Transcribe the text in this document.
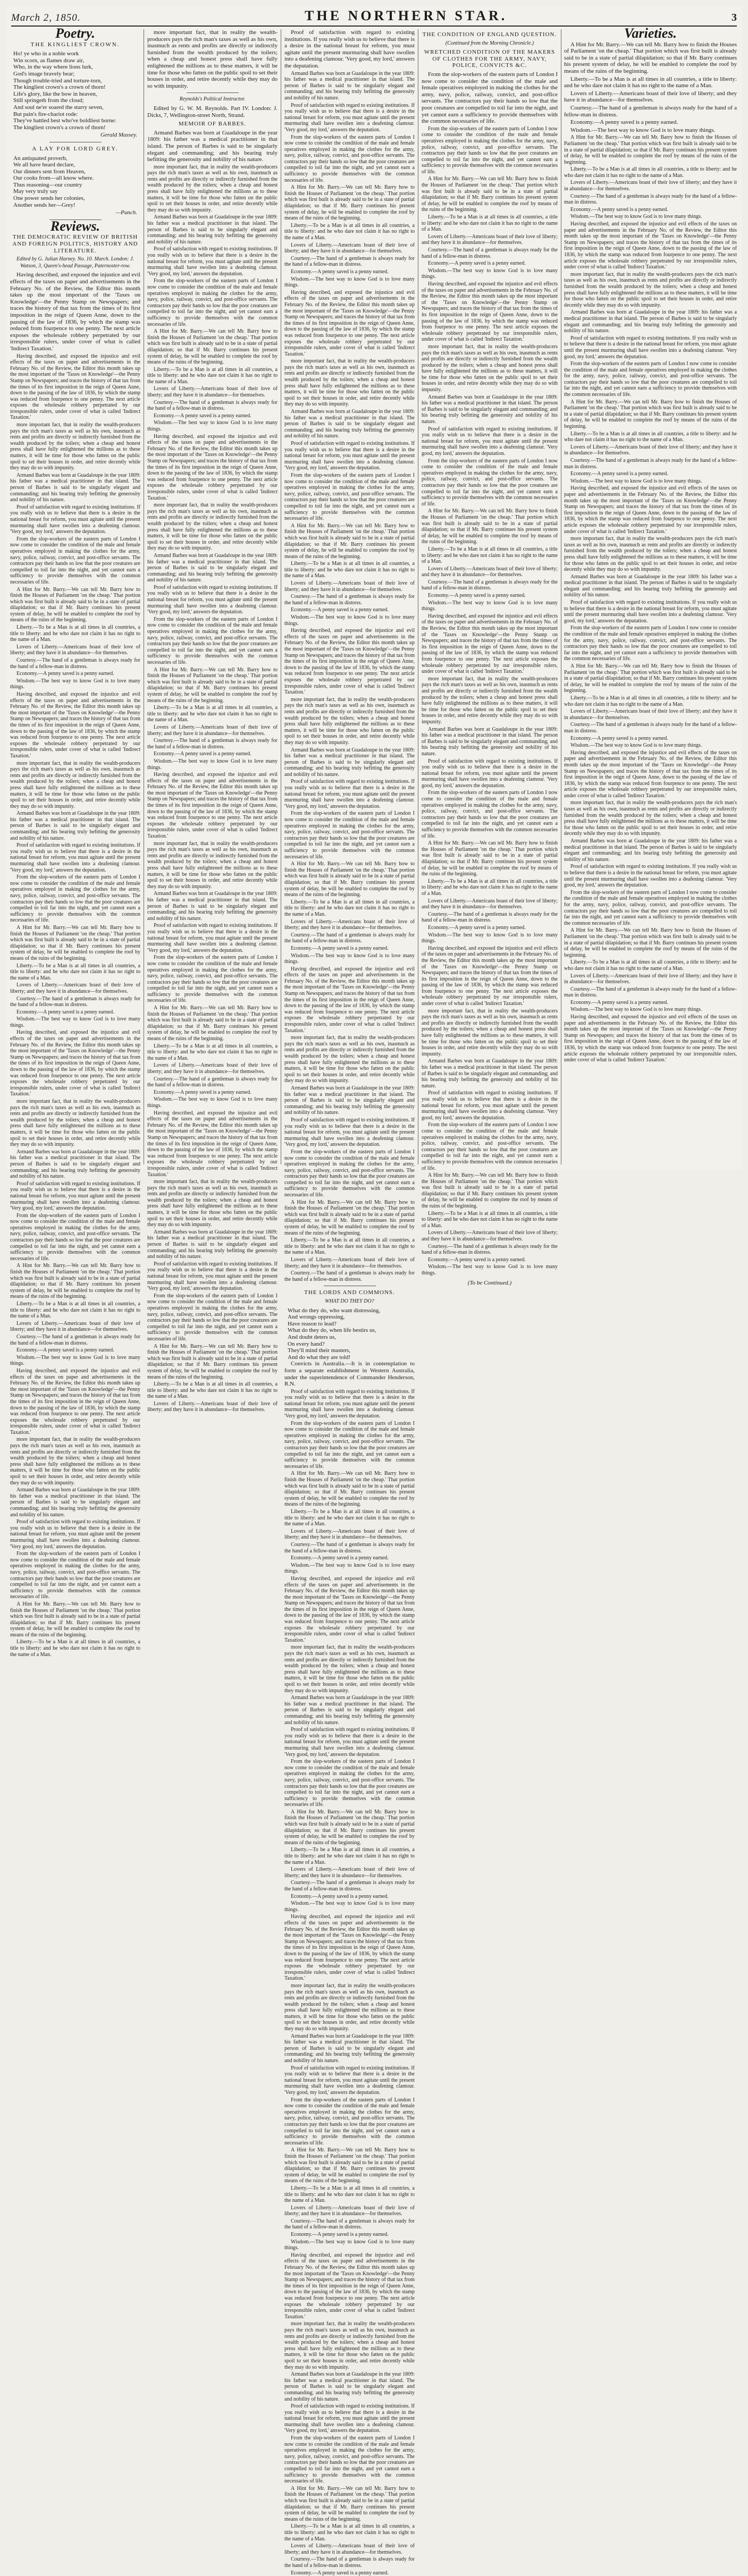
March 2, 1850.	THE NORTHERN STAR.	3
Poetry.
THE KINGLIEST CROWN.

Ho! ye who in a noble work

Win scorn, as flames draw air,

Who, in the way where lions lurk,

God's image bravely bear;

Though trouble-tried and torture-torn,

The kingliest crown's a crown of thorn!

Life's glory, like the bow in heaven,

Still springeth from the cloud;

And soul ne'er soared the starry seven,

But pain's fire-chariot rode:

They've battled best who've boldliest borne:

The kingliest crown's a crown of thorn!

Gerald Massey.

A LAY FOR LORD GREY.

An antiquated proverb,

We all have heard declare,

Our dinners sent from Heaven,

Our cooks from—all know where.

Thus reasoning—our country

May very truly say

One power sends her colonies,

Another sends her—Grey!

—Punch.

Reviews.
THE DEMOCRATIC REVIEW OF BRITISH AND FOREIGN POLITICS, HISTORY AND LITERATURE.
Edited by G. Julian Harney. No. 10. March. London: J. Watson, 3, Queen's-head Passage, Paternoster-row.

Having described, and exposed the injustice and evil effects of the taxes on paper and advertisements in the February No. of the Review, the Editor this month takes up the most important of the 'Taxes on Knowledge'—the Penny Stamp on Newspapers; and traces the history of that tax from the times of its first imposition in the reign of Queen Anne, down to the passing of the law of 1836, by which the stamp was reduced from fourpence to one penny. The next article exposes the wholesale robbery perpetrated by our irresponsible rulers, under cover of what is called 'Indirect Taxation.'

Having described, and exposed the injustice and evil effects of the taxes on paper and advertisements in the February No. of the Review, the Editor this month takes up the most important of the 'Taxes on Knowledge'—the Penny Stamp on Newspapers; and traces the history of that tax from the times of its first imposition in the reign of Queen Anne, down to the passing of the law of 1836, by which the stamp was reduced from fourpence to one penny. The next article exposes the wholesale robbery perpetrated by our irresponsible rulers, under cover of what is called 'Indirect Taxation.'

more important fact, that in reality the wealth-producers pays the rich man's taxes as well as his own, inasmuch as rents and profits are directly or indirectly furnished from the wealth produced by the toilers; when a cheap and honest press shall have fully enlightened the millions as to these matters, it will be time for those who fatten on the public spoil to set their houses in order, and retire decently while they may do so with impunity.

Armand Barbes was born at Guadaloupe in the year 1809: his father was a medical practitioner in that island. The person of Barbes is said to be singularly elegant and commanding; and his bearing truly befitting the generosity and nobility of his nature.

Proof of satisfaction with regard to existing institutions. If you really wish us to believe that there is a desire in the national breast for reform, you must agitate until the present murmuring shall have swollen into a deafening clamour. 'Very good, my lord,' answers the deputation.

From the slop-workers of the eastern parts of London I now come to consider the condition of the male and female operatives employed in making the clothes for the army, navy, police, railway, convict, and post-office servants. The contractors pay their hands so low that the poor creatures are compelled to toil far into the night, and yet cannot earn a sufficiency to provide themselves with the common necessaries of life.

A Hint for Mr. Barry.—We can tell Mr. Barry how to finish the Houses of Parliament 'on the cheap.' That portion which was first built is already said to be in a state of partial dilapidation; so that if Mr. Barry continues his present system of delay, he will be enabled to complete the roof by means of the ruins of the beginning.

Liberty.—To be a Man is at all times in all countries, a title to liberty: and he who dare not claim it has no right to the name of a Man.

Lovers of Liberty.—Americans boast of their love of liberty; and they have it in abundance—for themselves.

Courtesy.—The hand of a gentleman is always ready for the hand of a fellow-man in distress.

Economy.—A penny saved is a penny earned.

Wisdom.—The best way to know God is to love many things.

Having described, and exposed the injustice and evil effects of the taxes on paper and advertisements in the February No. of the Review, the Editor this month takes up the most important of the 'Taxes on Knowledge'—the Penny Stamp on Newspapers; and traces the history of that tax from the times of its first imposition in the reign of Queen Anne, down to the passing of the law of 1836, by which the stamp was reduced from fourpence to one penny. The next article exposes the wholesale robbery perpetrated by our irresponsible rulers, under cover of what is called 'Indirect Taxation.'

more important fact, that in reality the wealth-producers pays the rich man's taxes as well as his own, inasmuch as rents and profits are directly or indirectly furnished from the wealth produced by the toilers; when a cheap and honest press shall have fully enlightened the millions as to these matters, it will be time for those who fatten on the public spoil to set their houses in order, and retire decently while they may do so with impunity.

Armand Barbes was born at Guadaloupe in the year 1809: his father was a medical practitioner in that island. The person of Barbes is said to be singularly elegant and commanding; and his bearing truly befitting the generosity and nobility of his nature.

Proof of satisfaction with regard to existing institutions. If you really wish us to believe that there is a desire in the national breast for reform, you must agitate until the present murmuring shall have swollen into a deafening clamour. 'Very good, my lord,' answers the deputation.

From the slop-workers of the eastern parts of London I now come to consider the condition of the male and female operatives employed in making the clothes for the army, navy, police, railway, convict, and post-office servants. The contractors pay their hands so low that the poor creatures are compelled to toil far into the night, and yet cannot earn a sufficiency to provide themselves with the common necessaries of life.

A Hint for Mr. Barry.—We can tell Mr. Barry how to finish the Houses of Parliament 'on the cheap.' That portion which was first built is already said to be in a state of partial dilapidation; so that if Mr. Barry continues his present system of delay, he will be enabled to complete the roof by means of the ruins of the beginning.

Liberty.—To be a Man is at all times in all countries, a title to liberty: and he who dare not claim it has no right to the name of a Man.

Lovers of Liberty.—Americans boast of their love of liberty; and they have it in abundance—for themselves.

Courtesy.—The hand of a gentleman is always ready for the hand of a fellow-man in distress.

Economy.—A penny saved is a penny earned.

Wisdom.—The best way to know God is to love many things.

Having described, and exposed the injustice and evil effects of the taxes on paper and advertisements in the February No. of the Review, the Editor this month takes up the most important of the 'Taxes on Knowledge'—the Penny Stamp on Newspapers; and traces the history of that tax from the times of its first imposition in the reign of Queen Anne, down to the passing of the law of 1836, by which the stamp was reduced from fourpence to one penny. The next article exposes the wholesale robbery perpetrated by our irresponsible rulers, under cover of what is called 'Indirect Taxation.'

more important fact, that in reality the wealth-producers pays the rich man's taxes as well as his own, inasmuch as rents and profits are directly or indirectly furnished from the wealth produced by the toilers; when a cheap and honest press shall have fully enlightened the millions as to these matters, it will be time for those who fatten on the public spoil to set their houses in order, and retire decently while they may do so with impunity.

Armand Barbes was born at Guadaloupe in the year 1809: his father was a medical practitioner in that island. The person of Barbes is said to be singularly elegant and commanding; and his bearing truly befitting the generosity and nobility of his nature.

Proof of satisfaction with regard to existing institutions. If you really wish us to believe that there is a desire in the national breast for reform, you must agitate until the present murmuring shall have swollen into a deafening clamour. 'Very good, my lord,' answers the deputation.

From the slop-workers of the eastern parts of London I now come to consider the condition of the male and female operatives employed in making the clothes for the army, navy, police, railway, convict, and post-office servants. The contractors pay their hands so low that the poor creatures are compelled to toil far into the night, and yet cannot earn a sufficiency to provide themselves with the common necessaries of life.

A Hint for Mr. Barry.—We can tell Mr. Barry how to finish the Houses of Parliament 'on the cheap.' That portion which was first built is already said to be in a state of partial dilapidation; so that if Mr. Barry continues his present system of delay, he will be enabled to complete the roof by means of the ruins of the beginning.

Liberty.—To be a Man is at all times in all countries, a title to liberty: and he who dare not claim it has no right to the name of a Man.

Lovers of Liberty.—Americans boast of their love of liberty; and they have it in abundance—for themselves.

Courtesy.—The hand of a gentleman is always ready for the hand of a fellow-man in distress.

Economy.—A penny saved is a penny earned.

Wisdom.—The best way to know God is to love many things.

Having described, and exposed the injustice and evil effects of the taxes on paper and advertisements in the February No. of the Review, the Editor this month takes up the most important of the 'Taxes on Knowledge'—the Penny Stamp on Newspapers; and traces the history of that tax from the times of its first imposition in the reign of Queen Anne, down to the passing of the law of 1836, by which the stamp was reduced from fourpence to one penny. The next article exposes the wholesale robbery perpetrated by our irresponsible rulers, under cover of what is called 'Indirect Taxation.'

more important fact, that in reality the wealth-producers pays the rich man's taxes as well as his own, inasmuch as rents and profits are directly or indirectly furnished from the wealth produced by the toilers; when a cheap and honest press shall have fully enlightened the millions as to these matters, it will be time for those who fatten on the public spoil to set their houses in order, and retire decently while they may do so with impunity.

Armand Barbes was born at Guadaloupe in the year 1809: his father was a medical practitioner in that island. The person of Barbes is said to be singularly elegant and commanding; and his bearing truly befitting the generosity and nobility of his nature.

Proof of satisfaction with regard to existing institutions. If you really wish us to believe that there is a desire in the national breast for reform, you must agitate until the present murmuring shall have swollen into a deafening clamour. 'Very good, my lord,' answers the deputation.

From the slop-workers of the eastern parts of London I now come to consider the condition of the male and female operatives employed in making the clothes for the army, navy, police, railway, convict, and post-office servants. The contractors pay their hands so low that the poor creatures are compelled to toil far into the night, and yet cannot earn a sufficiency to provide themselves with the common necessaries of life.

A Hint for Mr. Barry.—We can tell Mr. Barry how to finish the Houses of Parliament 'on the cheap.' That portion which was first built is already said to be in a state of partial dilapidation; so that if Mr. Barry continues his present system of delay, he will be enabled to complete the roof by means of the ruins of the beginning.

Liberty.—To be a Man is at all times in all countries, a title to liberty: and he who dare not claim it has no right to the name of a Man.

more important fact, that in reality the wealth-producers pays the rich man's taxes as well as his own, inasmuch as rents and profits are directly or indirectly furnished from the wealth produced by the toilers; when a cheap and honest press shall have fully enlightened the millions as to these matters, it will be time for those who fatten on the public spoil to set their houses in order, and retire decently while they may do so with impunity.

Reynolds's Political Instructor.

Edited by G. W. M. Reynolds. Part IV. London: J. Dicks, 7, Wellington-street North, Strand.

MEMOIR OF BARBES.

Armand Barbes was born at Guadaloupe in the year 1809: his father was a medical practitioner in that island. The person of Barbes is said to be singularly elegant and commanding; and his bearing truly befitting the generosity and nobility of his nature.

more important fact, that in reality the wealth-producers pays the rich man's taxes as well as his own, inasmuch as rents and profits are directly or indirectly furnished from the wealth produced by the toilers; when a cheap and honest press shall have fully enlightened the millions as to these matters, it will be time for those who fatten on the public spoil to set their houses in order, and retire decently while they may do so with impunity.

Armand Barbes was born at Guadaloupe in the year 1809: his father was a medical practitioner in that island. The person of Barbes is said to be singularly elegant and commanding; and his bearing truly befitting the generosity and nobility of his nature.

Proof of satisfaction with regard to existing institutions. If you really wish us to believe that there is a desire in the national breast for reform, you must agitate until the present murmuring shall have swollen into a deafening clamour. 'Very good, my lord,' answers the deputation.

From the slop-workers of the eastern parts of London I now come to consider the condition of the male and female operatives employed in making the clothes for the army, navy, police, railway, convict, and post-office servants. The contractors pay their hands so low that the poor creatures are compelled to toil far into the night, and yet cannot earn a sufficiency to provide themselves with the common necessaries of life.

A Hint for Mr. Barry.—We can tell Mr. Barry how to finish the Houses of Parliament 'on the cheap.' That portion which was first built is already said to be in a state of partial dilapidation; so that if Mr. Barry continues his present system of delay, he will be enabled to complete the roof by means of the ruins of the beginning.

Liberty.—To be a Man is at all times in all countries, a title to liberty: and he who dare not claim it has no right to the name of a Man.

Lovers of Liberty.—Americans boast of their love of liberty; and they have it in abundance—for themselves.

Courtesy.—The hand of a gentleman is always ready for the hand of a fellow-man in distress.

Economy.—A penny saved is a penny earned.

Wisdom.—The best way to know God is to love many things.

Having described, and exposed the injustice and evil effects of the taxes on paper and advertisements in the February No. of the Review, the Editor this month takes up the most important of the 'Taxes on Knowledge'—the Penny Stamp on Newspapers; and traces the history of that tax from the times of its first imposition in the reign of Queen Anne, down to the passing of the law of 1836, by which the stamp was reduced from fourpence to one penny. The next article exposes the wholesale robbery perpetrated by our irresponsible rulers, under cover of what is called 'Indirect Taxation.'

more important fact, that in reality the wealth-producers pays the rich man's taxes as well as his own, inasmuch as rents and profits are directly or indirectly furnished from the wealth produced by the toilers; when a cheap and honest press shall have fully enlightened the millions as to these matters, it will be time for those who fatten on the public spoil to set their houses in order, and retire decently while they may do so with impunity.

Armand Barbes was born at Guadaloupe in the year 1809: his father was a medical practitioner in that island. The person of Barbes is said to be singularly elegant and commanding; and his bearing truly befitting the generosity and nobility of his nature.

Proof of satisfaction with regard to existing institutions. If you really wish us to believe that there is a desire in the national breast for reform, you must agitate until the present murmuring shall have swollen into a deafening clamour. 'Very good, my lord,' answers the deputation.

From the slop-workers of the eastern parts of London I now come to consider the condition of the male and female operatives employed in making the clothes for the army, navy, police, railway, convict, and post-office servants. The contractors pay their hands so low that the poor creatures are compelled to toil far into the night, and yet cannot earn a sufficiency to provide themselves with the common necessaries of life.

A Hint for Mr. Barry.—We can tell Mr. Barry how to finish the Houses of Parliament 'on the cheap.' That portion which was first built is already said to be in a state of partial dilapidation; so that if Mr. Barry continues his present system of delay, he will be enabled to complete the roof by means of the ruins of the beginning.

Liberty.—To be a Man is at all times in all countries, a title to liberty: and he who dare not claim it has no right to the name of a Man.

Lovers of Liberty.—Americans boast of their love of liberty; and they have it in abundance—for themselves.

Courtesy.—The hand of a gentleman is always ready for the hand of a fellow-man in distress.

Economy.—A penny saved is a penny earned.

Wisdom.—The best way to know God is to love many things.

Having described, and exposed the injustice and evil effects of the taxes on paper and advertisements in the February No. of the Review, the Editor this month takes up the most important of the 'Taxes on Knowledge'—the Penny Stamp on Newspapers; and traces the history of that tax from the times of its first imposition in the reign of Queen Anne, down to the passing of the law of 1836, by which the stamp was reduced from fourpence to one penny. The next article exposes the wholesale robbery perpetrated by our irresponsible rulers, under cover of what is called 'Indirect Taxation.'

more important fact, that in reality the wealth-producers pays the rich man's taxes as well as his own, inasmuch as rents and profits are directly or indirectly furnished from the wealth produced by the toilers; when a cheap and honest press shall have fully enlightened the millions as to these matters, it will be time for those who fatten on the public spoil to set their houses in order, and retire decently while they may do so with impunity.

Armand Barbes was born at Guadaloupe in the year 1809: his father was a medical practitioner in that island. The person of Barbes is said to be singularly elegant and commanding; and his bearing truly befitting the generosity and nobility of his nature.

Proof of satisfaction with regard to existing institutions. If you really wish us to believe that there is a desire in the national breast for reform, you must agitate until the present murmuring shall have swollen into a deafening clamour. 'Very good, my lord,' answers the deputation.

From the slop-workers of the eastern parts of London I now come to consider the condition of the male and female operatives employed in making the clothes for the army, navy, police, railway, convict, and post-office servants. The contractors pay their hands so low that the poor creatures are compelled to toil far into the night, and yet cannot earn a sufficiency to provide themselves with the common necessaries of life.

A Hint for Mr. Barry.—We can tell Mr. Barry how to finish the Houses of Parliament 'on the cheap.' That portion which was first built is already said to be in a state of partial dilapidation; so that if Mr. Barry continues his present system of delay, he will be enabled to complete the roof by means of the ruins of the beginning.

Liberty.—To be a Man is at all times in all countries, a title to liberty: and he who dare not claim it has no right to the name of a Man.

Lovers of Liberty.—Americans boast of their love of liberty; and they have it in abundance—for themselves.

Courtesy.—The hand of a gentleman is always ready for the hand of a fellow-man in distress.

Economy.—A penny saved is a penny earned.

Wisdom.—The best way to know God is to love many things.

Having described, and exposed the injustice and evil effects of the taxes on paper and advertisements in the February No. of the Review, the Editor this month takes up the most important of the 'Taxes on Knowledge'—the Penny Stamp on Newspapers; and traces the history of that tax from the times of its first imposition in the reign of Queen Anne, down to the passing of the law of 1836, by which the stamp was reduced from fourpence to one penny. The next article exposes the wholesale robbery perpetrated by our irresponsible rulers, under cover of what is called 'Indirect Taxation.'

more important fact, that in reality the wealth-producers pays the rich man's taxes as well as his own, inasmuch as rents and profits are directly or indirectly furnished from the wealth produced by the toilers; when a cheap and honest press shall have fully enlightened the millions as to these matters, it will be time for those who fatten on the public spoil to set their houses in order, and retire decently while they may do so with impunity.

Armand Barbes was born at Guadaloupe in the year 1809: his father was a medical practitioner in that island. The person of Barbes is said to be singularly elegant and commanding; and his bearing truly befitting the generosity and nobility of his nature.

Proof of satisfaction with regard to existing institutions. If you really wish us to believe that there is a desire in the national breast for reform, you must agitate until the present murmuring shall have swollen into a deafening clamour. 'Very good, my lord,' answers the deputation.

From the slop-workers of the eastern parts of London I now come to consider the condition of the male and female operatives employed in making the clothes for the army, navy, police, railway, convict, and post-office servants. The contractors pay their hands so low that the poor creatures are compelled to toil far into the night, and yet cannot earn a sufficiency to provide themselves with the common necessaries of life.

A Hint for Mr. Barry.—We can tell Mr. Barry how to finish the Houses of Parliament 'on the cheap.' That portion which was first built is already said to be in a state of partial dilapidation; so that if Mr. Barry continues his present system of delay, he will be enabled to complete the roof by means of the ruins of the beginning.

Liberty.—To be a Man is at all times in all countries, a title to liberty: and he who dare not claim it has no right to the name of a Man.

Lovers of Liberty.—Americans boast of their love of liberty; and they have it in abundance—for themselves.

Proof of satisfaction with regard to existing institutions. If you really wish us to believe that there is a desire in the national breast for reform, you must agitate until the present murmuring shall have swollen into a deafening clamour. 'Very good, my lord,' answers the deputation.

Armand Barbes was born at Guadaloupe in the year 1809: his father was a medical practitioner in that island. The person of Barbes is said to be singularly elegant and commanding; and his bearing truly befitting the generosity and nobility of his nature.

Proof of satisfaction with regard to existing institutions. If you really wish us to believe that there is a desire in the national breast for reform, you must agitate until the present murmuring shall have swollen into a deafening clamour. 'Very good, my lord,' answers the deputation.

From the slop-workers of the eastern parts of London I now come to consider the condition of the male and female operatives employed in making the clothes for the army, navy, police, railway, convict, and post-office servants. The contractors pay their hands so low that the poor creatures are compelled to toil far into the night, and yet cannot earn a sufficiency to provide themselves with the common necessaries of life.

A Hint for Mr. Barry.—We can tell Mr. Barry how to finish the Houses of Parliament 'on the cheap.' That portion which was first built is already said to be in a state of partial dilapidation; so that if Mr. Barry continues his present system of delay, he will be enabled to complete the roof by means of the ruins of the beginning.

Liberty.—To be a Man is at all times in all countries, a title to liberty: and he who dare not claim it has no right to the name of a Man.

Lovers of Liberty.—Americans boast of their love of liberty; and they have it in abundance—for themselves.

Courtesy.—The hand of a gentleman is always ready for the hand of a fellow-man in distress.

Economy.—A penny saved is a penny earned.

Wisdom.—The best way to know God is to love many things.

Having described, and exposed the injustice and evil effects of the taxes on paper and advertisements in the February No. of the Review, the Editor this month takes up the most important of the 'Taxes on Knowledge'—the Penny Stamp on Newspapers; and traces the history of that tax from the times of its first imposition in the reign of Queen Anne, down to the passing of the law of 1836, by which the stamp was reduced from fourpence to one penny. The next article exposes the wholesale robbery perpetrated by our irresponsible rulers, under cover of what is called 'Indirect Taxation.'

more important fact, that in reality the wealth-producers pays the rich man's taxes as well as his own, inasmuch as rents and profits are directly or indirectly furnished from the wealth produced by the toilers; when a cheap and honest press shall have fully enlightened the millions as to these matters, it will be time for those who fatten on the public spoil to set their houses in order, and retire decently while they may do so with impunity.

Armand Barbes was born at Guadaloupe in the year 1809: his father was a medical practitioner in that island. The person of Barbes is said to be singularly elegant and commanding; and his bearing truly befitting the generosity and nobility of his nature.

Proof of satisfaction with regard to existing institutions. If you really wish us to believe that there is a desire in the national breast for reform, you must agitate until the present murmuring shall have swollen into a deafening clamour. 'Very good, my lord,' answers the deputation.

From the slop-workers of the eastern parts of London I now come to consider the condition of the male and female operatives employed in making the clothes for the army, navy, police, railway, convict, and post-office servants. The contractors pay their hands so low that the poor creatures are compelled to toil far into the night, and yet cannot earn a sufficiency to provide themselves with the common necessaries of life.

A Hint for Mr. Barry.—We can tell Mr. Barry how to finish the Houses of Parliament 'on the cheap.' That portion which was first built is already said to be in a state of partial dilapidation; so that if Mr. Barry continues his present system of delay, he will be enabled to complete the roof by means of the ruins of the beginning.

Liberty.—To be a Man is at all times in all countries, a title to liberty: and he who dare not claim it has no right to the name of a Man.

Lovers of Liberty.—Americans boast of their love of liberty; and they have it in abundance—for themselves.

Courtesy.—The hand of a gentleman is always ready for the hand of a fellow-man in distress.

Economy.—A penny saved is a penny earned.

Wisdom.—The best way to know God is to love many things.

Having described, and exposed the injustice and evil effects of the taxes on paper and advertisements in the February No. of the Review, the Editor this month takes up the most important of the 'Taxes on Knowledge'—the Penny Stamp on Newspapers; and traces the history of that tax from the times of its first imposition in the reign of Queen Anne, down to the passing of the law of 1836, by which the stamp was reduced from fourpence to one penny. The next article exposes the wholesale robbery perpetrated by our irresponsible rulers, under cover of what is called 'Indirect Taxation.'

more important fact, that in reality the wealth-producers pays the rich man's taxes as well as his own, inasmuch as rents and profits are directly or indirectly furnished from the wealth produced by the toilers; when a cheap and honest press shall have fully enlightened the millions as to these matters, it will be time for those who fatten on the public spoil to set their houses in order, and retire decently while they may do so with impunity.

Armand Barbes was born at Guadaloupe in the year 1809: his father was a medical practitioner in that island. The person of Barbes is said to be singularly elegant and commanding; and his bearing truly befitting the generosity and nobility of his nature.

Proof of satisfaction with regard to existing institutions. If you really wish us to believe that there is a desire in the national breast for reform, you must agitate until the present murmuring shall have swollen into a deafening clamour. 'Very good, my lord,' answers the deputation.

From the slop-workers of the eastern parts of London I now come to consider the condition of the male and female operatives employed in making the clothes for the army, navy, police, railway, convict, and post-office servants. The contractors pay their hands so low that the poor creatures are compelled to toil far into the night, and yet cannot earn a sufficiency to provide themselves with the common necessaries of life.

A Hint for Mr. Barry.—We can tell Mr. Barry how to finish the Houses of Parliament 'on the cheap.' That portion which was first built is already said to be in a state of partial dilapidation; so that if Mr. Barry continues his present system of delay, he will be enabled to complete the roof by means of the ruins of the beginning.

Liberty.—To be a Man is at all times in all countries, a title to liberty: and he who dare not claim it has no right to the name of a Man.

Lovers of Liberty.—Americans boast of their love of liberty; and they have it in abundance—for themselves.

Courtesy.—The hand of a gentleman is always ready for the hand of a fellow-man in distress.

Economy.—A penny saved is a penny earned.

Wisdom.—The best way to know God is to love many things.

Having described, and exposed the injustice and evil effects of the taxes on paper and advertisements in the February No. of the Review, the Editor this month takes up the most important of the 'Taxes on Knowledge'—the Penny Stamp on Newspapers; and traces the history of that tax from the times of its first imposition in the reign of Queen Anne, down to the passing of the law of 1836, by which the stamp was reduced from fourpence to one penny. The next article exposes the wholesale robbery perpetrated by our irresponsible rulers, under cover of what is called 'Indirect Taxation.'

more important fact, that in reality the wealth-producers pays the rich man's taxes as well as his own, inasmuch as rents and profits are directly or indirectly furnished from the wealth produced by the toilers; when a cheap and honest press shall have fully enlightened the millions as to these matters, it will be time for those who fatten on the public spoil to set their houses in order, and retire decently while they may do so with impunity.

Armand Barbes was born at Guadaloupe in the year 1809: his father was a medical practitioner in that island. The person of Barbes is said to be singularly elegant and commanding; and his bearing truly befitting the generosity and nobility of his nature.

Proof of satisfaction with regard to existing institutions. If you really wish us to believe that there is a desire in the national breast for reform, you must agitate until the present murmuring shall have swollen into a deafening clamour. 'Very good, my lord,' answers the deputation.

From the slop-workers of the eastern parts of London I now come to consider the condition of the male and female operatives employed in making the clothes for the army, navy, police, railway, convict, and post-office servants. The contractors pay their hands so low that the poor creatures are compelled to toil far into the night, and yet cannot earn a sufficiency to provide themselves with the common necessaries of life.

A Hint for Mr. Barry.—We can tell Mr. Barry how to finish the Houses of Parliament 'on the cheap.' That portion which was first built is already said to be in a state of partial dilapidation; so that if Mr. Barry continues his present system of delay, he will be enabled to complete the roof by means of the ruins of the beginning.

Liberty.—To be a Man is at all times in all countries, a title to liberty: and he who dare not claim it has no right to the name of a Man.

Lovers of Liberty.—Americans boast of their love of liberty; and they have it in abundance—for themselves.

Courtesy.—The hand of a gentleman is always ready for the hand of a fellow-man in distress.

THE LORDS AND COMMONS.
WHAT DO THEY DO?

What do they do, who want distressing,

And wrongs oppressing,

Have reason to lead?

What do they do, when life bestirs us,

And doubt deters us,

On every hand?

They'll mind their masters,

And do what they are told!

Convicts in Australia.—It is in contemplation to form a separate establishment in Western Australia, under the superintendence of Commander Henderson, R.N.

Proof of satisfaction with regard to existing institutions. If you really wish us to believe that there is a desire in the national breast for reform, you must agitate until the present murmuring shall have swollen into a deafening clamour. 'Very good, my lord,' answers the deputation.

From the slop-workers of the eastern parts of London I now come to consider the condition of the male and female operatives employed in making the clothes for the army, navy, police, railway, convict, and post-office servants. The contractors pay their hands so low that the poor creatures are compelled to toil far into the night, and yet cannot earn a sufficiency to provide themselves with the common necessaries of life.

A Hint for Mr. Barry.—We can tell Mr. Barry how to finish the Houses of Parliament 'on the cheap.' That portion which was first built is already said to be in a state of partial dilapidation; so that if Mr. Barry continues his present system of delay, he will be enabled to complete the roof by means of the ruins of the beginning.

Liberty.—To be a Man is at all times in all countries, a title to liberty: and he who dare not claim it has no right to the name of a Man.

Lovers of Liberty.—Americans boast of their love of liberty; and they have it in abundance—for themselves.

Courtesy.—The hand of a gentleman is always ready for the hand of a fellow-man in distress.

Economy.—A penny saved is a penny earned.

Wisdom.—The best way to know God is to love many things.

Having described, and exposed the injustice and evil effects of the taxes on paper and advertisements in the February No. of the Review, the Editor this month takes up the most important of the 'Taxes on Knowledge'—the Penny Stamp on Newspapers; and traces the history of that tax from the times of its first imposition in the reign of Queen Anne, down to the passing of the law of 1836, by which the stamp was reduced from fourpence to one penny. The next article exposes the wholesale robbery perpetrated by our irresponsible rulers, under cover of what is called 'Indirect Taxation.'

more important fact, that in reality the wealth-producers pays the rich man's taxes as well as his own, inasmuch as rents and profits are directly or indirectly furnished from the wealth produced by the toilers; when a cheap and honest press shall have fully enlightened the millions as to these matters, it will be time for those who fatten on the public spoil to set their houses in order, and retire decently while they may do so with impunity.

Armand Barbes was born at Guadaloupe in the year 1809: his father was a medical practitioner in that island. The person of Barbes is said to be singularly elegant and commanding; and his bearing truly befitting the generosity and nobility of his nature.

Proof of satisfaction with regard to existing institutions. If you really wish us to believe that there is a desire in the national breast for reform, you must agitate until the present murmuring shall have swollen into a deafening clamour. 'Very good, my lord,' answers the deputation.

From the slop-workers of the eastern parts of London I now come to consider the condition of the male and female operatives employed in making the clothes for the army, navy, police, railway, convict, and post-office servants. The contractors pay their hands so low that the poor creatures are compelled to toil far into the night, and yet cannot earn a sufficiency to provide themselves with the common necessaries of life.

A Hint for Mr. Barry.—We can tell Mr. Barry how to finish the Houses of Parliament 'on the cheap.' That portion which was first built is already said to be in a state of partial dilapidation; so that if Mr. Barry continues his present system of delay, he will be enabled to complete the roof by means of the ruins of the beginning.

Liberty.—To be a Man is at all times in all countries, a title to liberty: and he who dare not claim it has no right to the name of a Man.

Lovers of Liberty.—Americans boast of their love of liberty; and they have it in abundance—for themselves.

Courtesy.—The hand of a gentleman is always ready for the hand of a fellow-man in distress.

Economy.—A penny saved is a penny earned.

Wisdom.—The best way to know God is to love many things.

Having described, and exposed the injustice and evil effects of the taxes on paper and advertisements in the February No. of the Review, the Editor this month takes up the most important of the 'Taxes on Knowledge'—the Penny Stamp on Newspapers; and traces the history of that tax from the times of its first imposition in the reign of Queen Anne, down to the passing of the law of 1836, by which the stamp was reduced from fourpence to one penny. The next article exposes the wholesale robbery perpetrated by our irresponsible rulers, under cover of what is called 'Indirect Taxation.'

more important fact, that in reality the wealth-producers pays the rich man's taxes as well as his own, inasmuch as rents and profits are directly or indirectly furnished from the wealth produced by the toilers; when a cheap and honest press shall have fully enlightened the millions as to these matters, it will be time for those who fatten on the public spoil to set their houses in order, and retire decently while they may do so with impunity.

Armand Barbes was born at Guadaloupe in the year 1809: his father was a medical practitioner in that island. The person of Barbes is said to be singularly elegant and commanding; and his bearing truly befitting the generosity and nobility of his nature.

Proof of satisfaction with regard to existing institutions. If you really wish us to believe that there is a desire in the national breast for reform, you must agitate until the present murmuring shall have swollen into a deafening clamour. 'Very good, my lord,' answers the deputation.

From the slop-workers of the eastern parts of London I now come to consider the condition of the male and female operatives employed in making the clothes for the army, navy, police, railway, convict, and post-office servants. The contractors pay their hands so low that the poor creatures are compelled to toil far into the night, and yet cannot earn a sufficiency to provide themselves with the common necessaries of life.

A Hint for Mr. Barry.—We can tell Mr. Barry how to finish the Houses of Parliament 'on the cheap.' That portion which was first built is already said to be in a state of partial dilapidation; so that if Mr. Barry continues his present system of delay, he will be enabled to complete the roof by means of the ruins of the beginning.

Liberty.—To be a Man is at all times in all countries, a title to liberty: and he who dare not claim it has no right to the name of a Man.

Lovers of Liberty.—Americans boast of their love of liberty; and they have it in abundance—for themselves.

Courtesy.—The hand of a gentleman is always ready for the hand of a fellow-man in distress.

Economy.—A penny saved is a penny earned.

Wisdom.—The best way to know God is to love many things.

Having described, and exposed the injustice and evil effects of the taxes on paper and advertisements in the February No. of the Review, the Editor this month takes up the most important of the 'Taxes on Knowledge'—the Penny Stamp on Newspapers; and traces the history of that tax from the times of its first imposition in the reign of Queen Anne, down to the passing of the law of 1836, by which the stamp was reduced from fourpence to one penny. The next article exposes the wholesale robbery perpetrated by our irresponsible rulers, under cover of what is called 'Indirect Taxation.'

more important fact, that in reality the wealth-producers pays the rich man's taxes as well as his own, inasmuch as rents and profits are directly or indirectly furnished from the wealth produced by the toilers; when a cheap and honest press shall have fully enlightened the millions as to these matters, it will be time for those who fatten on the public spoil to set their houses in order, and retire decently while they may do so with impunity.

Armand Barbes was born at Guadaloupe in the year 1809: his father was a medical practitioner in that island. The person of Barbes is said to be singularly elegant and commanding; and his bearing truly befitting the generosity and nobility of his nature.

Proof of satisfaction with regard to existing institutions. If you really wish us to believe that there is a desire in the national breast for reform, you must agitate until the present murmuring shall have swollen into a deafening clamour. 'Very good, my lord,' answers the deputation.

From the slop-workers of the eastern parts of London I now come to consider the condition of the male and female operatives employed in making the clothes for the army, navy, police, railway, convict, and post-office servants. The contractors pay their hands so low that the poor creatures are compelled to toil far into the night, and yet cannot earn a sufficiency to provide themselves with the common necessaries of life.

A Hint for Mr. Barry.—We can tell Mr. Barry how to finish the Houses of Parliament 'on the cheap.' That portion which was first built is already said to be in a state of partial dilapidation; so that if Mr. Barry continues his present system of delay, he will be enabled to complete the roof by means of the ruins of the beginning.

Liberty.—To be a Man is at all times in all countries, a title to liberty: and he who dare not claim it has no right to the name of a Man.

Lovers of Liberty.—Americans boast of their love of liberty; and they have it in abundance—for themselves.

Courtesy.—The hand of a gentleman is always ready for the hand of a fellow-man in distress.

Economy.—A penny saved is a penny earned.

THE CONDITION OF ENGLAND QUESTION.
(Continued from the Morning Chronicle.)
WRETCHED CONDITION OF THE MAKERS OF CLOTHES FOR THE ARMY, NAVY, POLICE, CONVICTS &C.

From the slop-workers of the eastern parts of London I now come to consider the condition of the male and female operatives employed in making the clothes for the army, navy, police, railway, convict, and post-office servants. The contractors pay their hands so low that the poor creatures are compelled to toil far into the night, and yet cannot earn a sufficiency to provide themselves with the common necessaries of life.

From the slop-workers of the eastern parts of London I now come to consider the condition of the male and female operatives employed in making the clothes for the army, navy, police, railway, convict, and post-office servants. The contractors pay their hands so low that the poor creatures are compelled to toil far into the night, and yet cannot earn a sufficiency to provide themselves with the common necessaries of life.

A Hint for Mr. Barry.—We can tell Mr. Barry how to finish the Houses of Parliament 'on the cheap.' That portion which was first built is already said to be in a state of partial dilapidation; so that if Mr. Barry continues his present system of delay, he will be enabled to complete the roof by means of the ruins of the beginning.

Liberty.—To be a Man is at all times in all countries, a title to liberty: and he who dare not claim it has no right to the name of a Man.

Lovers of Liberty.—Americans boast of their love of liberty; and they have it in abundance—for themselves.

Courtesy.—The hand of a gentleman is always ready for the hand of a fellow-man in distress.

Economy.—A penny saved is a penny earned.

Wisdom.—The best way to know God is to love many things.

Having described, and exposed the injustice and evil effects of the taxes on paper and advertisements in the February No. of the Review, the Editor this month takes up the most important of the 'Taxes on Knowledge'—the Penny Stamp on Newspapers; and traces the history of that tax from the times of its first imposition in the reign of Queen Anne, down to the passing of the law of 1836, by which the stamp was reduced from fourpence to one penny. The next article exposes the wholesale robbery perpetrated by our irresponsible rulers, under cover of what is called 'Indirect Taxation.'

more important fact, that in reality the wealth-producers pays the rich man's taxes as well as his own, inasmuch as rents and profits are directly or indirectly furnished from the wealth produced by the toilers; when a cheap and honest press shall have fully enlightened the millions as to these matters, it will be time for those who fatten on the public spoil to set their houses in order, and retire decently while they may do so with impunity.

Armand Barbes was born at Guadaloupe in the year 1809: his father was a medical practitioner in that island. The person of Barbes is said to be singularly elegant and commanding; and his bearing truly befitting the generosity and nobility of his nature.

Proof of satisfaction with regard to existing institutions. If you really wish us to believe that there is a desire in the national breast for reform, you must agitate until the present murmuring shall have swollen into a deafening clamour. 'Very good, my lord,' answers the deputation.

From the slop-workers of the eastern parts of London I now come to consider the condition of the male and female operatives employed in making the clothes for the army, navy, police, railway, convict, and post-office servants. The contractors pay their hands so low that the poor creatures are compelled to toil far into the night, and yet cannot earn a sufficiency to provide themselves with the common necessaries of life.

A Hint for Mr. Barry.—We can tell Mr. Barry how to finish the Houses of Parliament 'on the cheap.' That portion which was first built is already said to be in a state of partial dilapidation; so that if Mr. Barry continues his present system of delay, he will be enabled to complete the roof by means of the ruins of the beginning.

Liberty.—To be a Man is at all times in all countries, a title to liberty: and he who dare not claim it has no right to the name of a Man.

Lovers of Liberty.—Americans boast of their love of liberty; and they have it in abundance—for themselves.

Courtesy.—The hand of a gentleman is always ready for the hand of a fellow-man in distress.

Economy.—A penny saved is a penny earned.

Wisdom.—The best way to know God is to love many things.

Having described, and exposed the injustice and evil effects of the taxes on paper and advertisements in the February No. of the Review, the Editor this month takes up the most important of the 'Taxes on Knowledge'—the Penny Stamp on Newspapers; and traces the history of that tax from the times of its first imposition in the reign of Queen Anne, down to the passing of the law of 1836, by which the stamp was reduced from fourpence to one penny. The next article exposes the wholesale robbery perpetrated by our irresponsible rulers, under cover of what is called 'Indirect Taxation.'

more important fact, that in reality the wealth-producers pays the rich man's taxes as well as his own, inasmuch as rents and profits are directly or indirectly furnished from the wealth produced by the toilers; when a cheap and honest press shall have fully enlightened the millions as to these matters, it will be time for those who fatten on the public spoil to set their houses in order, and retire decently while they may do so with impunity.

Armand Barbes was born at Guadaloupe in the year 1809: his father was a medical practitioner in that island. The person of Barbes is said to be singularly elegant and commanding; and his bearing truly befitting the generosity and nobility of his nature.

Proof of satisfaction with regard to existing institutions. If you really wish us to believe that there is a desire in the national breast for reform, you must agitate until the present murmuring shall have swollen into a deafening clamour. 'Very good, my lord,' answers the deputation.

From the slop-workers of the eastern parts of London I now come to consider the condition of the male and female operatives employed in making the clothes for the army, navy, police, railway, convict, and post-office servants. The contractors pay their hands so low that the poor creatures are compelled to toil far into the night, and yet cannot earn a sufficiency to provide themselves with the common necessaries of life.

A Hint for Mr. Barry.—We can tell Mr. Barry how to finish the Houses of Parliament 'on the cheap.' That portion which was first built is already said to be in a state of partial dilapidation; so that if Mr. Barry continues his present system of delay, he will be enabled to complete the roof by means of the ruins of the beginning.

Liberty.—To be a Man is at all times in all countries, a title to liberty: and he who dare not claim it has no right to the name of a Man.

Lovers of Liberty.—Americans boast of their love of liberty; and they have it in abundance—for themselves.

Courtesy.—The hand of a gentleman is always ready for the hand of a fellow-man in distress.

Economy.—A penny saved is a penny earned.

Wisdom.—The best way to know God is to love many things.

Having described, and exposed the injustice and evil effects of the taxes on paper and advertisements in the February No. of the Review, the Editor this month takes up the most important of the 'Taxes on Knowledge'—the Penny Stamp on Newspapers; and traces the history of that tax from the times of its first imposition in the reign of Queen Anne, down to the passing of the law of 1836, by which the stamp was reduced from fourpence to one penny. The next article exposes the wholesale robbery perpetrated by our irresponsible rulers, under cover of what is called 'Indirect Taxation.'

more important fact, that in reality the wealth-producers pays the rich man's taxes as well as his own, inasmuch as rents and profits are directly or indirectly furnished from the wealth produced by the toilers; when a cheap and honest press shall have fully enlightened the millions as to these matters, it will be time for those who fatten on the public spoil to set their houses in order, and retire decently while they may do so with impunity.

Armand Barbes was born at Guadaloupe in the year 1809: his father was a medical practitioner in that island. The person of Barbes is said to be singularly elegant and commanding; and his bearing truly befitting the generosity and nobility of his nature.

Proof of satisfaction with regard to existing institutions. If you really wish us to believe that there is a desire in the national breast for reform, you must agitate until the present murmuring shall have swollen into a deafening clamour. 'Very good, my lord,' answers the deputation.

From the slop-workers of the eastern parts of London I now come to consider the condition of the male and female operatives employed in making the clothes for the army, navy, police, railway, convict, and post-office servants. The contractors pay their hands so low that the poor creatures are compelled to toil far into the night, and yet cannot earn a sufficiency to provide themselves with the common necessaries of life.

A Hint for Mr. Barry.—We can tell Mr. Barry how to finish the Houses of Parliament 'on the cheap.' That portion which was first built is already said to be in a state of partial dilapidation; so that if Mr. Barry continues his present system of delay, he will be enabled to complete the roof by means of the ruins of the beginning.

Liberty.—To be a Man is at all times in all countries, a title to liberty: and he who dare not claim it has no right to the name of a Man.

Lovers of Liberty.—Americans boast of their love of liberty; and they have it in abundance—for themselves.

Courtesy.—The hand of a gentleman is always ready for the hand of a fellow-man in distress.

Economy.—A penny saved is a penny earned.

Wisdom.—The best way to know God is to love many things.

(To be Continued.)
Varieties.

A Hint for Mr. Barry.—We can tell Mr. Barry how to finish the Houses of Parliament 'on the cheap.' That portion which was first built is already said to be in a state of partial dilapidation; so that if Mr. Barry continues his present system of delay, he will be enabled to complete the roof by means of the ruins of the beginning.

Liberty.—To be a Man is at all times in all countries, a title to liberty: and he who dare not claim it has no right to the name of a Man.

Lovers of Liberty.—Americans boast of their love of liberty; and they have it in abundance—for themselves.

Courtesy.—The hand of a gentleman is always ready for the hand of a fellow-man in distress.

Economy.—A penny saved is a penny earned.

Wisdom.—The best way to know God is to love many things.

A Hint for Mr. Barry.—We can tell Mr. Barry how to finish the Houses of Parliament 'on the cheap.' That portion which was first built is already said to be in a state of partial dilapidation; so that if Mr. Barry continues his present system of delay, he will be enabled to complete the roof by means of the ruins of the beginning.

Liberty.—To be a Man is at all times in all countries, a title to liberty: and he who dare not claim it has no right to the name of a Man.

Lovers of Liberty.—Americans boast of their love of liberty; and they have it in abundance—for themselves.

Courtesy.—The hand of a gentleman is always ready for the hand of a fellow-man in distress.

Economy.—A penny saved is a penny earned.

Wisdom.—The best way to know God is to love many things.

Having described, and exposed the injustice and evil effects of the taxes on paper and advertisements in the February No. of the Review, the Editor this month takes up the most important of the 'Taxes on Knowledge'—the Penny Stamp on Newspapers; and traces the history of that tax from the times of its first imposition in the reign of Queen Anne, down to the passing of the law of 1836, by which the stamp was reduced from fourpence to one penny. The next article exposes the wholesale robbery perpetrated by our irresponsible rulers, under cover of what is called 'Indirect Taxation.'

more important fact, that in reality the wealth-producers pays the rich man's taxes as well as his own, inasmuch as rents and profits are directly or indirectly furnished from the wealth produced by the toilers; when a cheap and honest press shall have fully enlightened the millions as to these matters, it will be time for those who fatten on the public spoil to set their houses in order, and retire decently while they may do so with impunity.

Armand Barbes was born at Guadaloupe in the year 1809: his father was a medical practitioner in that island. The person of Barbes is said to be singularly elegant and commanding; and his bearing truly befitting the generosity and nobility of his nature.

Proof of satisfaction with regard to existing institutions. If you really wish us to believe that there is a desire in the national breast for reform, you must agitate until the present murmuring shall have swollen into a deafening clamour. 'Very good, my lord,' answers the deputation.

From the slop-workers of the eastern parts of London I now come to consider the condition of the male and female operatives employed in making the clothes for the army, navy, police, railway, convict, and post-office servants. The contractors pay their hands so low that the poor creatures are compelled to toil far into the night, and yet cannot earn a sufficiency to provide themselves with the common necessaries of life.

A Hint for Mr. Barry.—We can tell Mr. Barry how to finish the Houses of Parliament 'on the cheap.' That portion which was first built is already said to be in a state of partial dilapidation; so that if Mr. Barry continues his present system of delay, he will be enabled to complete the roof by means of the ruins of the beginning.

Liberty.—To be a Man is at all times in all countries, a title to liberty: and he who dare not claim it has no right to the name of a Man.

Lovers of Liberty.—Americans boast of their love of liberty; and they have it in abundance—for themselves.

Courtesy.—The hand of a gentleman is always ready for the hand of a fellow-man in distress.

Economy.—A penny saved is a penny earned.

Wisdom.—The best way to know God is to love many things.

Having described, and exposed the injustice and evil effects of the taxes on paper and advertisements in the February No. of the Review, the Editor this month takes up the most important of the 'Taxes on Knowledge'—the Penny Stamp on Newspapers; and traces the history of that tax from the times of its first imposition in the reign of Queen Anne, down to the passing of the law of 1836, by which the stamp was reduced from fourpence to one penny. The next article exposes the wholesale robbery perpetrated by our irresponsible rulers, under cover of what is called 'Indirect Taxation.'

more important fact, that in reality the wealth-producers pays the rich man's taxes as well as his own, inasmuch as rents and profits are directly or indirectly furnished from the wealth produced by the toilers; when a cheap and honest press shall have fully enlightened the millions as to these matters, it will be time for those who fatten on the public spoil to set their houses in order, and retire decently while they may do so with impunity.

Armand Barbes was born at Guadaloupe in the year 1809: his father was a medical practitioner in that island. The person of Barbes is said to be singularly elegant and commanding; and his bearing truly befitting the generosity and nobility of his nature.

Proof of satisfaction with regard to existing institutions. If you really wish us to believe that there is a desire in the national breast for reform, you must agitate until the present murmuring shall have swollen into a deafening clamour. 'Very good, my lord,' answers the deputation.

From the slop-workers of the eastern parts of London I now come to consider the condition of the male and female operatives employed in making the clothes for the army, navy, police, railway, convict, and post-office servants. The contractors pay their hands so low that the poor creatures are compelled to toil far into the night, and yet cannot earn a sufficiency to provide themselves with the common necessaries of life.

A Hint for Mr. Barry.—We can tell Mr. Barry how to finish the Houses of Parliament 'on the cheap.' That portion which was first built is already said to be in a state of partial dilapidation; so that if Mr. Barry continues his present system of delay, he will be enabled to complete the roof by means of the ruins of the beginning.

Liberty.—To be a Man is at all times in all countries, a title to liberty: and he who dare not claim it has no right to the name of a Man.

Lovers of Liberty.—Americans boast of their love of liberty; and they have it in abundance—for themselves.

Courtesy.—The hand of a gentleman is always ready for the hand of a fellow-man in distress.

Economy.—A penny saved is a penny earned.

Wisdom.—The best way to know God is to love many things.

Having described, and exposed the injustice and evil effects of the taxes on paper and advertisements in the February No. of the Review, the Editor this month takes up the most important of the 'Taxes on Knowledge'—the Penny Stamp on Newspapers; and traces the history of that tax from the times of its first imposition in the reign of Queen Anne, down to the passing of the law of 1836, by which the stamp was reduced from fourpence to one penny. The next article exposes the wholesale robbery perpetrated by our irresponsible rulers, under cover of what is called 'Indirect Taxation.'

more important fact, that in reality the wealth-producers pays the rich man's taxes as well as his own, inasmuch as rents and profits are directly or indirectly furnished from the wealth produced by the toilers; when a cheap and honest press shall have fully enlightened the millions as to these matters, it will be time for those who fatten on the public spoil to set their houses in order, and retire decently while they may do so with impunity.

Armand Barbes was born at Guadaloupe in the year 1809: his father was a medical practitioner in that island. The person of Barbes is said to be singularly elegant and commanding; and his bearing truly befitting the generosity and nobility of his nature.

Proof of satisfaction with regard to existing institutions. If you really wish us to believe that there is a desire in the national breast for reform, you must agitate until the present murmuring shall have swollen into a deafening clamour. 'Very good, my lord,' answers the deputation.

From the slop-workers of the eastern parts of London I now come to consider the condition of the male and female operatives employed in making the clothes for the army, navy, police, railway, convict, and post-office servants. The contractors pay their hands so low that the poor creatures are compelled to toil far into the night, and yet cannot earn a sufficiency to provide themselves with the common necessaries of life.

A Hint for Mr. Barry.—We can tell Mr. Barry how to finish the Houses of Parliament 'on the cheap.' That portion which was first built is already said to be in a state of partial dilapidation; so that if Mr. Barry continues his present system of delay, he will be enabled to complete the roof by means of the ruins of the beginning.

Liberty.—To be a Man is at all times in all countries, a title to liberty: and he who dare not claim it has no right to the name of a Man.

Lovers of Liberty.—Americans boast of their love of liberty; and they have it in abundance—for themselves.

Courtesy.—The hand of a gentleman is always ready for the hand of a fellow-man in distress.

Economy.—A penny saved is a penny earned.

Wisdom.—The best way to know God is to love many things.

Having described, and exposed the injustice and evil effects of the taxes on paper and advertisements in the February No. of the Review, the Editor this month takes up the most important of the 'Taxes on Knowledge'—the Penny Stamp on Newspapers; and traces the history of that tax from the times of its first imposition in the reign of Queen Anne, down to the passing of the law of 1836, by which the stamp was reduced from fourpence to one penny. The next article exposes the wholesale robbery perpetrated by our irresponsible rulers, under cover of what is called 'Indirect Taxation.'
